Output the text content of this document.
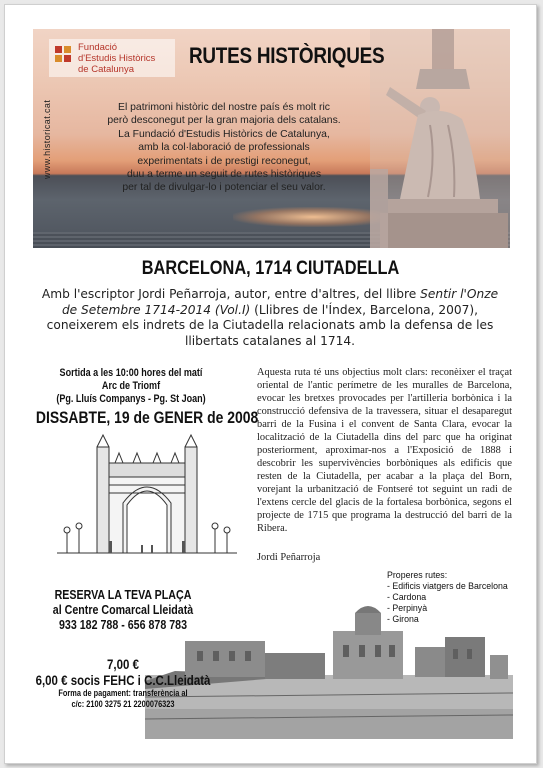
Fundació
d'Estudis Històrics
de Catalunya
RUTES HISTÒRIQUES
www.historicat.cat	El patrimoni històric del nostre país és molt ric
però desconegut per la gran majoria dels catalans.
La Fundació d'Estudis Històrics de Catalunya,
amb la col·laboració de professionals
experimentats i de prestigi reconegut,
duu a terme un seguit de rutes històriques
per tal de divulgar-lo i potenciar el seu valor.
BARCELONA, 1714 CIUTADELLA
Amb l'escriptor Jordi Peñarroja, autor, entre d'altres, del llibre Sentir l'Onze de Setembre 1714-2014 (Vol.I) (Llibres de l'Índex, Barcelona, 2007), coneixerem els indrets de la Ciutadella relacionats amb la defensa de les llibertats catalanes al 1714.
Sortida a les 10:00 hores del matí
Arc de Triomf
(Pg. Lluís Companys - Pg. St Joan)
DISSABTE, 19 de GENER de 2008
Aquesta ruta té uns objectius molt clars: reconèixer el traçat oriental de l'antic perímetre de les muralles de Barcelona, evocar les bretxes provocades per l'artilleria borbònica i la construcció defensiva de la travessera, situar el desaparegut barri de la Fusina i el convent de Santa Clara, evocar la localització de la Ciutadella dins del parc que ha originat posteriorment, aproximar-nos a l'Exposició de 1888 i descobrir les supervivències borbòniques als edificis que resten de la Ciutadella, per acabar a la plaça del Born, vorejant la urbanització de Fontseré tot seguint un radi de l'extens cercle del glacis de la fortalesa borbònica, segons el projecte de 1715 que programa la destrucció del barri de la Ribera.
Jordi Peñarroja
RESERVA LA TEVA PLAÇA
al Centre Comarcal Lleidatà
933 182 788 - 656 878 783
7,00 €
6,00 € socis FEHC i C.C.Lleidatà
Forma de pagament: transferència al
c/c: 2100 3275 21 2200076323
Properes rutes:
- Edificis viatgers de Barcelona
- Cardona
- Perpinyà
- Girona
